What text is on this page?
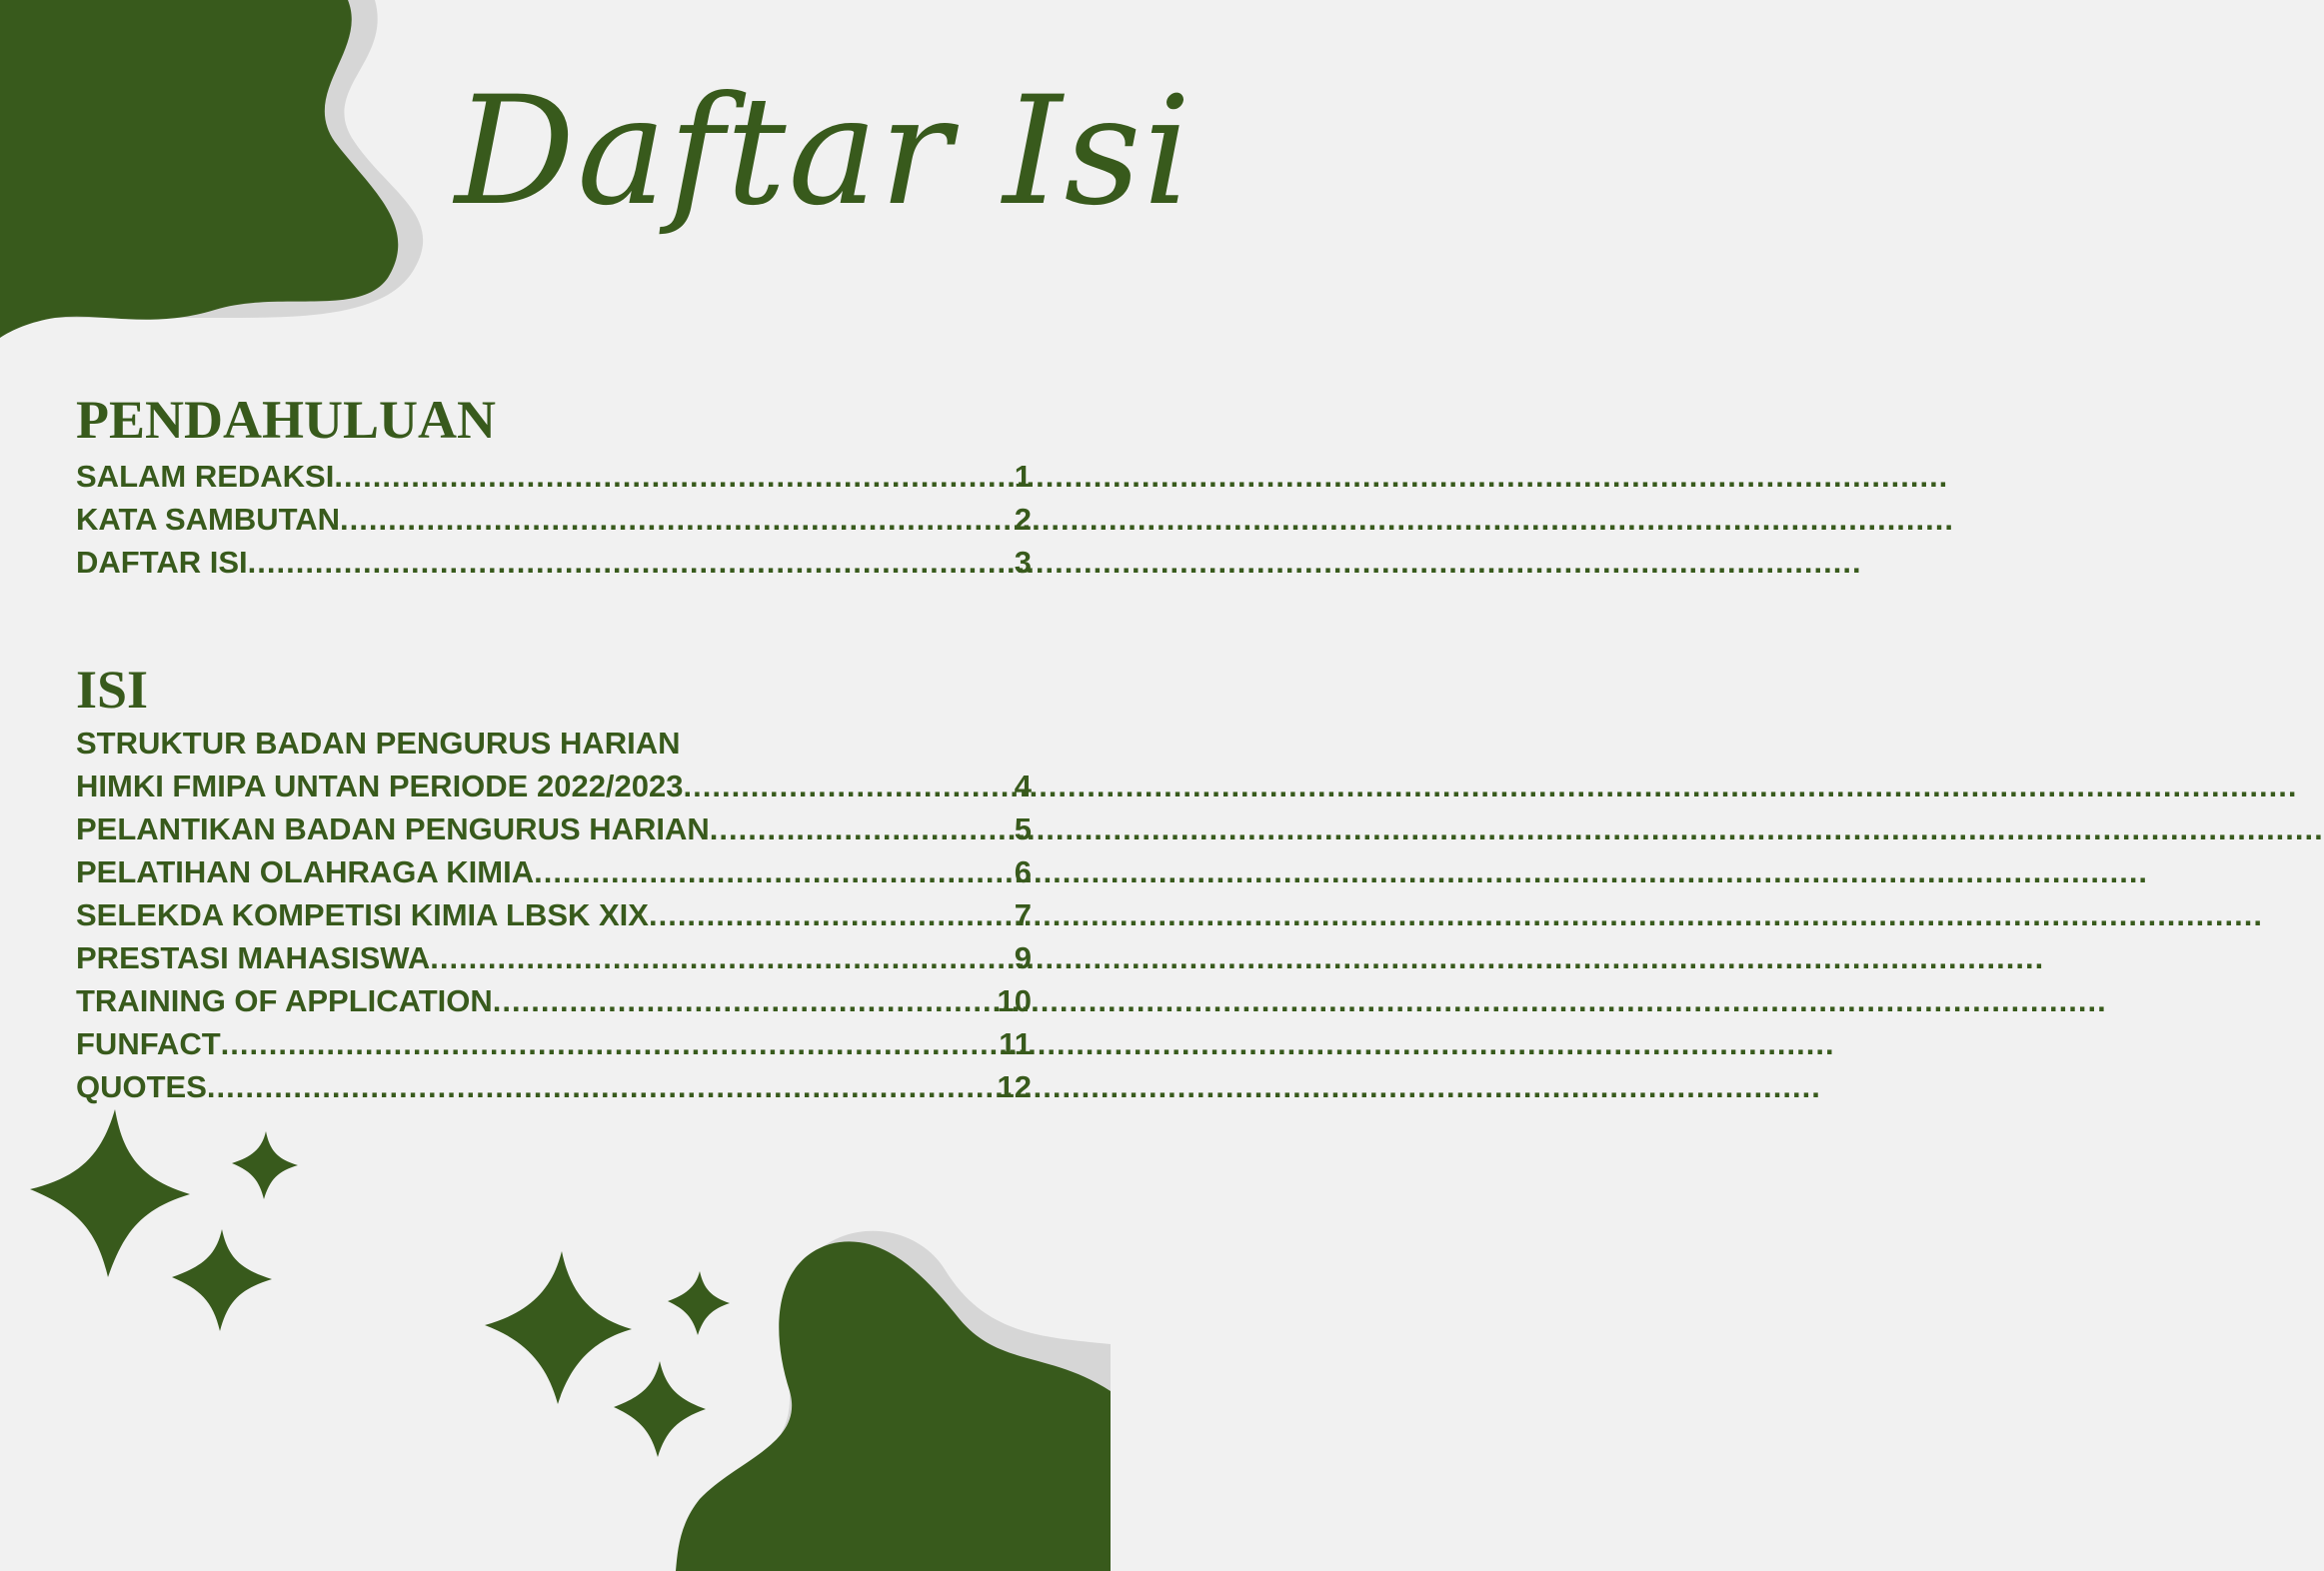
Daftar Isi
PENDAHULUAN
SALAM REDAKSI .....	1
KATA SAMBUTAN .....	2
DAFTAR ISI .....	3
ISI
STRUKTUR BADAN PENGURUS HARIAN
HIMKI FMIPA UNTAN PERIODE 2022/2023 .....	4
PELANTIKAN BADAN PENGURUS HARIAN .....	5
PELATIHAN OLAHRAGA KIMIA .....	6
SELEKDA KOMPETISI KIMIA LBSK XIX .....	7
PRESTASI MAHASISWA .....	9
TRAINING OF APPLICATION .....	10
FUNFACT .....	11
QUOTES .....	12
